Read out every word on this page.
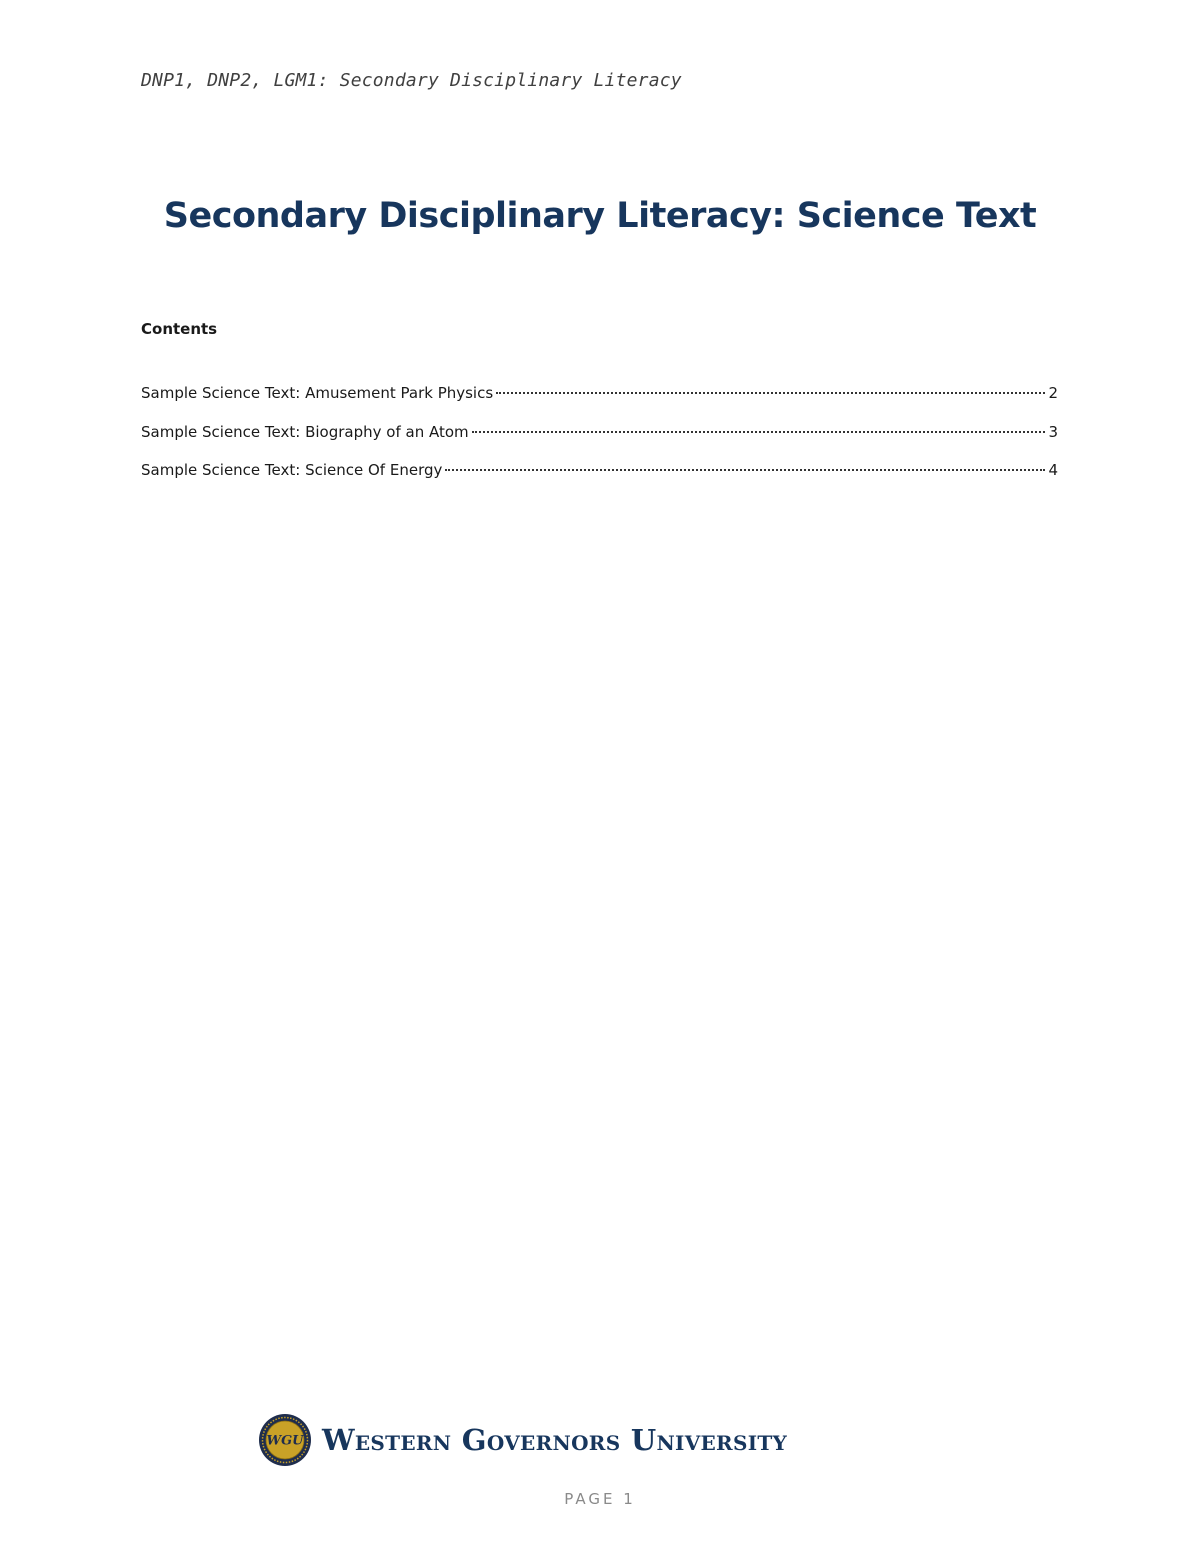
DNP1, DNP2, LGM1: Secondary Disciplinary Literacy
Secondary Disciplinary Literacy: Science Text
Contents
Sample Science Text: Amusement Park Physics	2
Sample Science Text: Biography of an Atom	3
Sample Science Text: Science Of Energy	4
WGU Western Governors University
PAGE 1
